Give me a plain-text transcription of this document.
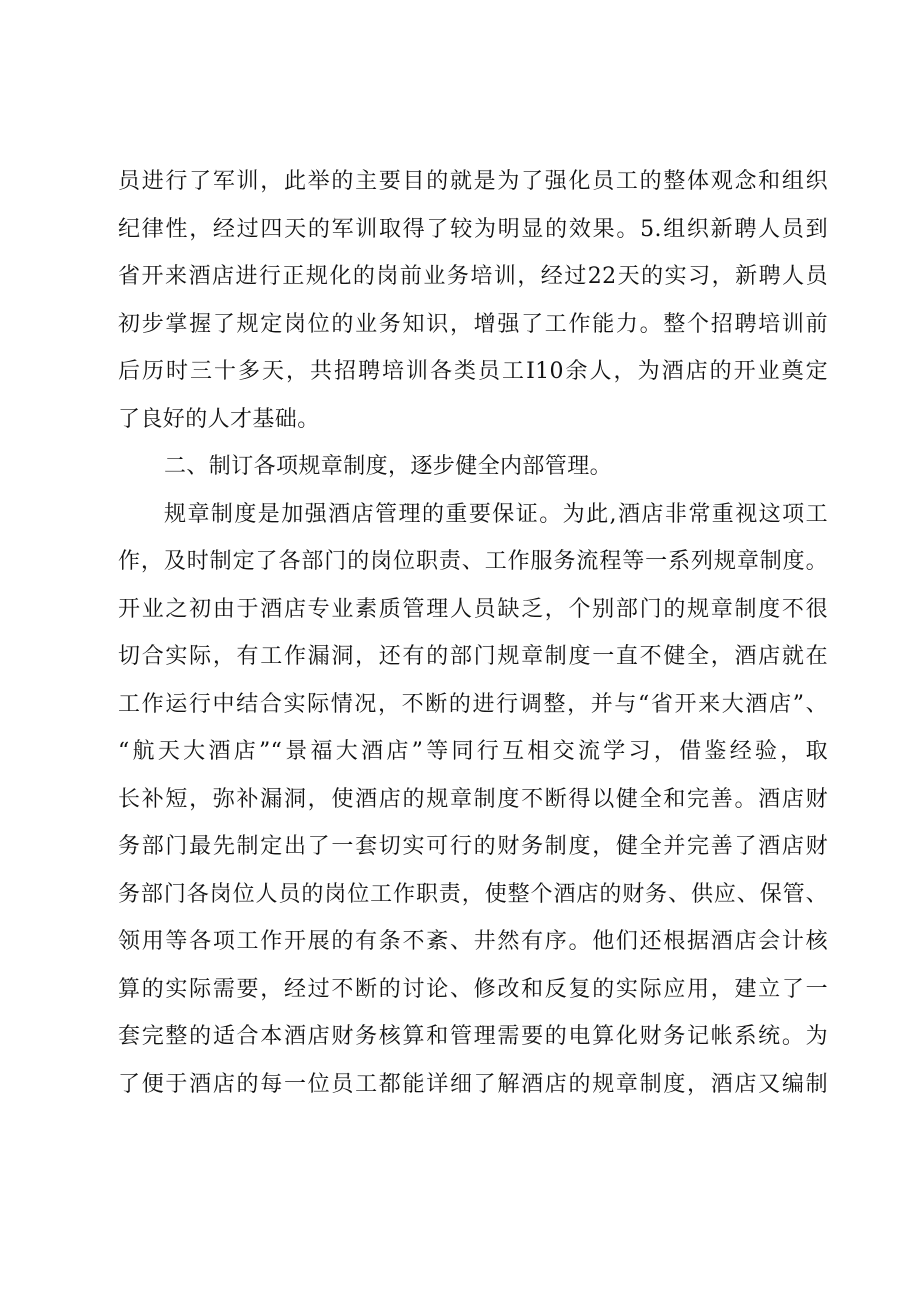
员进行了军训，此举的主要目的就是为了强化员工的整体观念和组织
纪律性，经过四天的军训取得了较为明显的效果。5.组织新聘人员到
省开来酒店进行正规化的岗前业务培训，经过22天的实习，新聘人员
初步掌握了规定岗位的业务知识，增强了工作能力。整个招聘培训前
后历时三十多天，共招聘培训各类员工I10余人，为酒店的开业奠定
了良好的人才基础。
二、制订各项规章制度，逐步健全内部管理。
规章制度是加强酒店管理的重要保证。为此,酒店非常重视这项工
作，及时制定了各部门的岗位职责、工作服务流程等一系列规章制度。
开业之初由于酒店专业素质管理人员缺乏，个别部门的规章制度不很
切合实际，有工作漏洞，还有的部门规章制度一直不健全，酒店就在
工作运行中结合实际情况，不断的进行调整，并与“省开来大酒店”、
“航天大酒店”“景福大酒店”等同行互相交流学习，借鉴经验，取
长补短，弥补漏洞，使酒店的规章制度不断得以健全和完善。酒店财
务部门最先制定出了一套切实可行的财务制度，健全并完善了酒店财
务部门各岗位人员的岗位工作职责，使整个酒店的财务、供应、保管、
领用等各项工作开展的有条不紊、井然有序。他们还根据酒店会计核
算的实际需要，经过不断的讨论、修改和反复的实际应用，建立了一
套完整的适合本酒店财务核算和管理需要的电算化财务记帐系统。为
了便于酒店的每一位员工都能详细了解酒店的规章制度，酒店又编制
